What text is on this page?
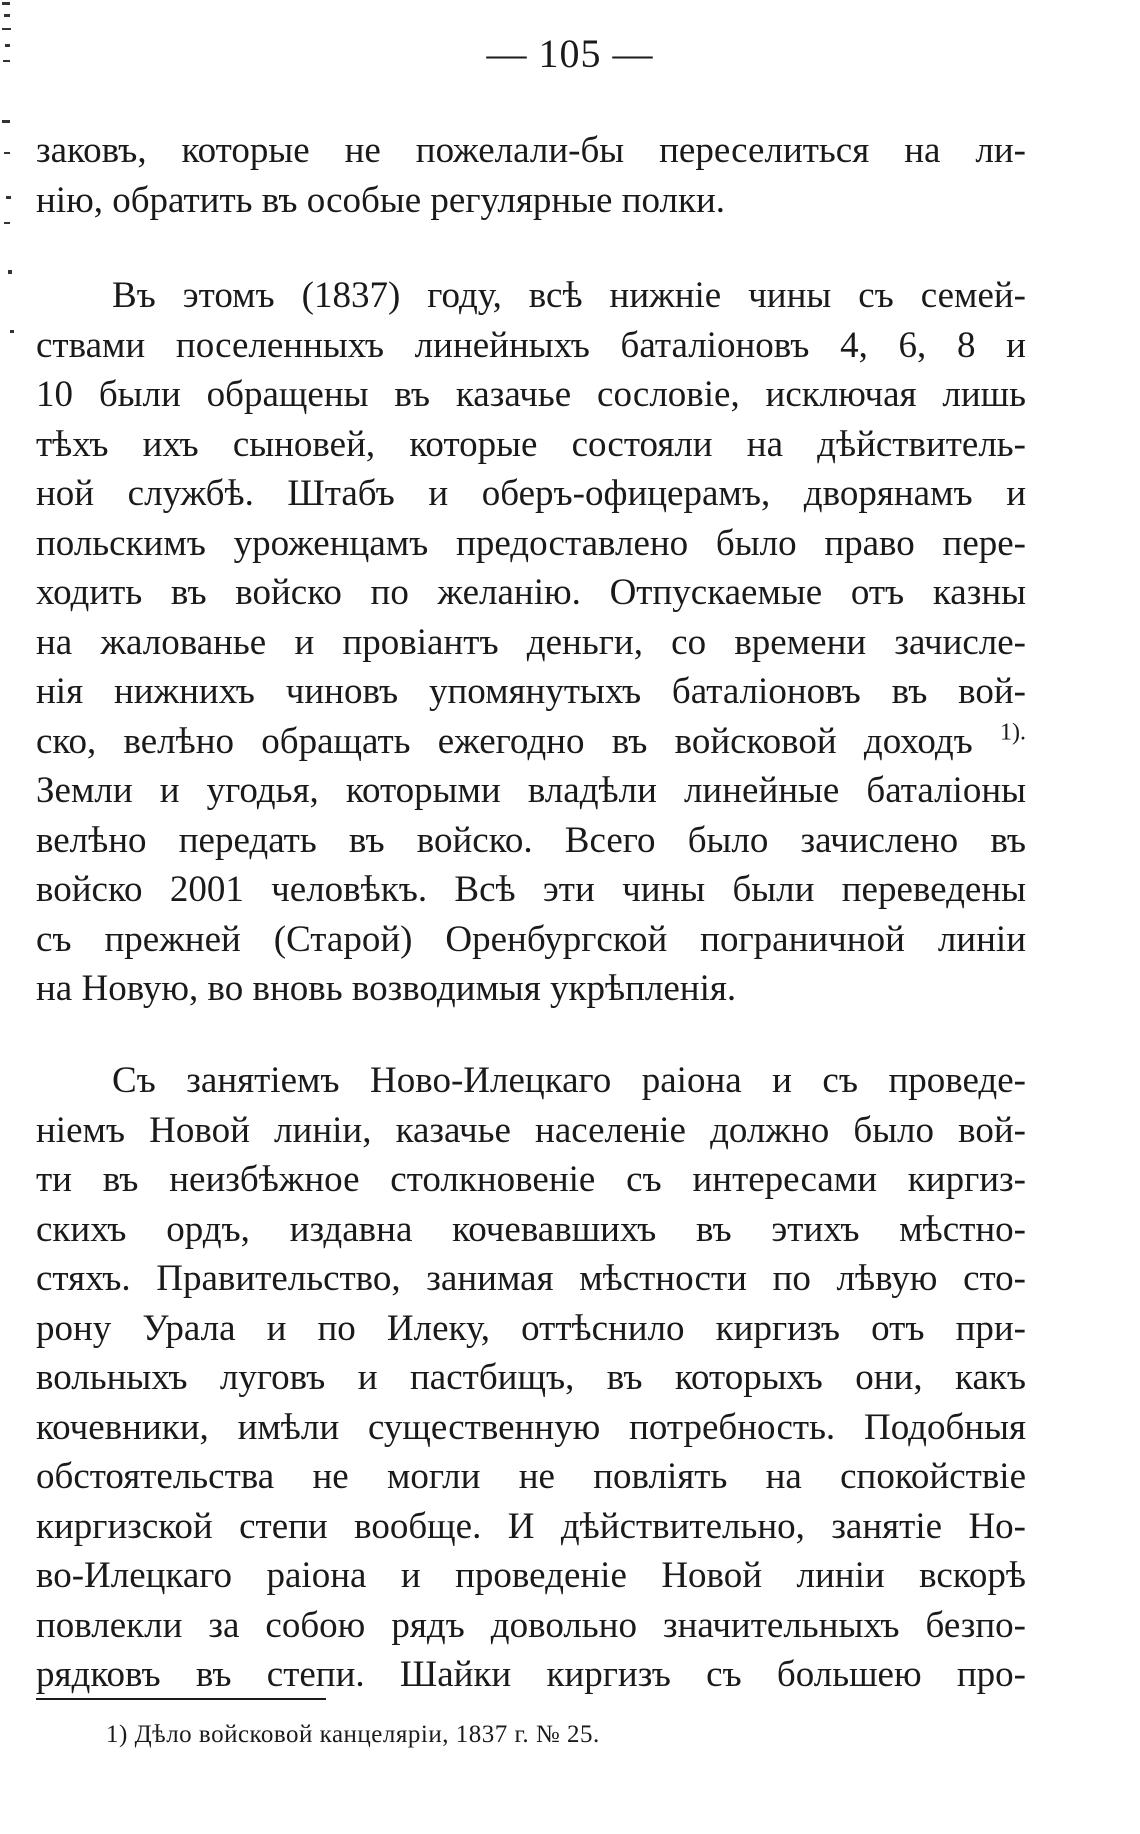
— 105 —
заковъ, которые не пожелали-бы переселиться на ли-
нію, обратить въ особые регулярные полки.
Въ этомъ (1837) году, всѣ нижніе чины съ семей-
ствами поселенныхъ линейныхъ баталіоновъ 4, 6, 8 и
10 были обращены въ казачье сословіе, исключая лишь
тѣхъ ихъ сыновей, которые состояли на дѣйствитель-
ной службѣ. Штабъ и оберъ-офицерамъ, дворянамъ и
польскимъ уроженцамъ предоставлено было право пере-
ходить въ войско по желанію. Отпускаемые отъ казны
на жалованье и провіантъ деньги, со времени зачисле-
нія нижнихъ чиновъ упомянутыхъ баталіоновъ въ вой-
ско, велѣно обращать ежегодно въ войсковой доходъ $^{1).}$
Земли и угодья, которыми владѣли линейные баталіоны
велѣно передать въ войско. Всего было зачислено въ
войско 2001 человѣкъ. Всѣ эти чины были переведены
съ прежней (Старой) Оренбургской пограничной линіи
на Новую, во вновь возводимыя укрѣпленія.
Съ занятіемъ Ново-Илецкаго раіона и съ проведе-
ніемъ Новой линіи, казачье населеніе должно было вой-
ти въ неизбѣжное столкновеніе съ интересами киргиз-
скихъ ордъ, издавна кочевавшихъ въ этихъ мѣстно-
стяхъ. Правительство, занимая мѣстности по лѣвую сто-
рону Урала и по Илеку, оттѣснило киргизъ отъ при-
вольныхъ луговъ и пастбищъ, въ которыхъ они, какъ
кочевники, имѣли существенную потребность. Подобныя
обстоятельства не могли не повліять на спокойствіе
киргизской степи вообще. И дѣйствительно, занятіе Но-
во-Илецкаго раіона и проведеніе Новой линіи вскорѣ
повлекли за собою рядъ довольно значительныхъ безпо-
рядковъ въ степи. Шайки киргизъ съ большею про-
1) Дѣло войсковой канцеляріи, 1837 г. № 25.
